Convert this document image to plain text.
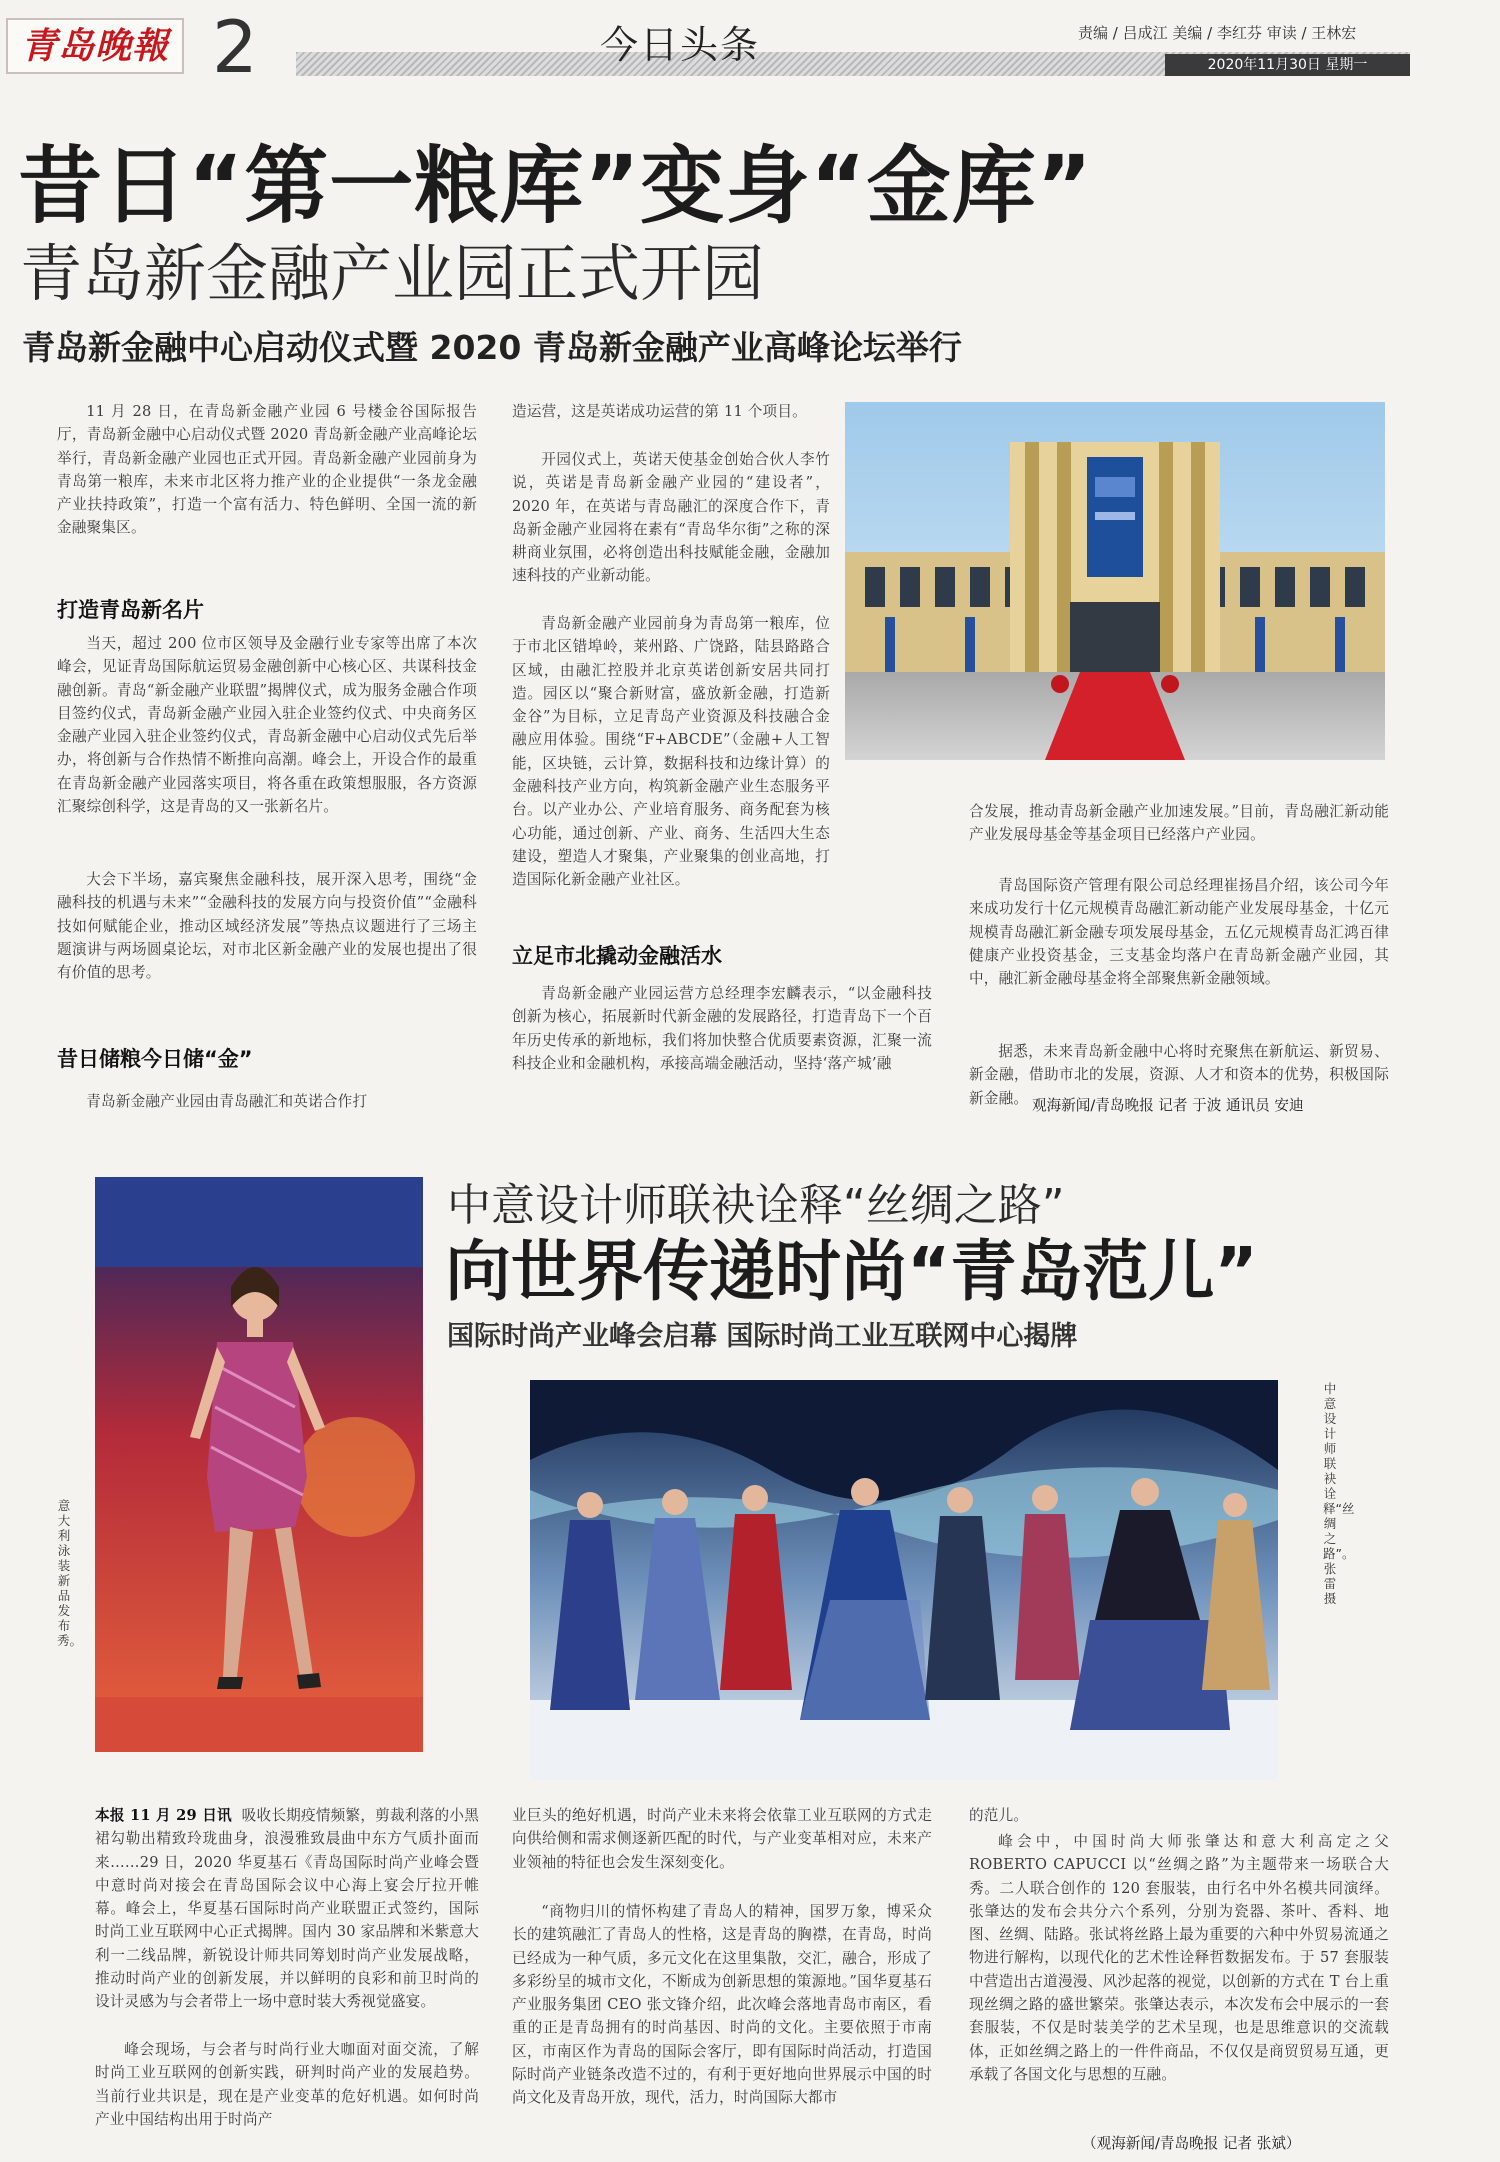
青岛晚報 2	今日头条	责编 / 吕成江 美编 / 李红芬 审读 / 王林宏
2020年11月30日 星期一
昔日“第一粮库”变身“金库”
青岛新金融产业园正式开园
青岛新金融中心启动仪式暨 2020 青岛新金融产业高峰论坛举行
11 月 28 日，在青岛新金融产业园 6 号楼金谷国际报告厅，青岛新金融中心启动仪式暨 2020 青岛新金融产业高峰论坛举行，青岛新金融产业园也正式开园。青岛新金融产业园前身为青岛第一粮库，未来市北区将力推产业的企业提供“一条龙金融产业扶持政策”，打造一个富有活力、特色鲜明、全国一流的新金融聚集区。
打造青岛新名片
当天，超过 200 位市区领导及金融行业专家等出席了本次峰会，见证青岛国际航运贸易金融创新中心核心区、共谋科技金融创新。青岛“新金融产业联盟”揭牌仪式，成为服务金融合作项目签约仪式，青岛新金融产业园入驻企业签约仪式、中央商务区金融产业园入驻企业签约仪式，青岛新金融中心启动仪式先后举办，将创新与合作热情不断推向高潮。峰会上，开设合作的最重在青岛新金融产业园落实项目，将各重在政策想服服，各方资源汇聚综创科学，这是青岛的又一张新名片。
大会下半场，嘉宾聚焦金融科技，展开深入思考，围绕“金融科技的机遇与未来”“金融科技的发展方向与投资价值”“金融科技如何赋能企业，推动区域经济发展”等热点议题进行了三场主题演讲与两场圆桌论坛，对市北区新金融产业的发展也提出了很有价值的思考。
昔日储粮今日储“金”
青岛新金融产业园由青岛融汇和英诺合作打
造运营，这是英诺成功运营的第 11 个项目。
开园仪式上，英诺天使基金创始合伙人李竹说，英诺是青岛新金融产业园的“建设者”，2020 年，在英诺与青岛融汇的深度合作下，青岛新金融产业园将在素有“青岛华尔街”之称的深耕商业氛围，必将创造出科技赋能金融，金融加速科技的产业新动能。
青岛新金融产业园前身为青岛第一粮库，位于市北区错埠岭，莱州路、广饶路，陆县路路合区域，由融汇控股并北京英诺创新安居共同打造。园区以“聚合新财富，盛放新金融，打造新金谷”为目标，立足青岛产业资源及科技融合金融应用体验。围绕“F+ABCDE”（金融+人工智能，区块链，云计算，数据科技和边缘计算）的金融科技产业方向，构筑新金融产业生态服务平台。以产业办公、产业培育服务、商务配套为核心功能，通过创新、产业、商务、生活四大生态建设，塑造人才聚集，产业聚集的创业高地，打造国际化新金融产业社区。
立足市北撬动金融活水
青岛新金融产业园运营方总经理李宏麟表示，“以金融科技创新为核心，拓展新时代新金融的发展路径，打造青岛下一个百年历史传承的新地标，我们将加快整合优质要素资源，汇聚一流科技企业和金融机构，承接高端金融活动，坚持‘落产城’融
合发展，推动青岛新金融产业加速发展。”目前，青岛融汇新动能产业发展母基金等基金项目已经落户产业园。
青岛国际资产管理有限公司总经理崔扬昌介绍，该公司今年来成功发行十亿元规模青岛融汇新动能产业发展母基金，十亿元规模青岛融汇新金融专项发展母基金，五亿元规模青岛汇鸿百律健康产业投资基金，三支基金均落户在青岛新金融产业园，其中，融汇新金融母基金将全部聚焦新金融领域。
据悉，未来青岛新金融中心将时充聚焦在新航运、新贸易、新金融，借助市北的发展，资源、人才和资本的优势，积极国际新金融。 观海新闻/青岛晚报 记者 于波 通讯员 安迪
意大利泳装新品发布秀。
中意设计师联袂诠释“丝绸之路”
向世界传递时尚“青岛范儿”
国际时尚产业峰会启幕 国际时尚工业互联网中心揭牌
中意设计师联袂诠释“丝绸之路”。 张雷 摄
本报 11 月 29 日讯 吸收长期疫情频繁，剪裁利落的小黑裙勾勒出精致玲珑曲身，浪漫雅致晨曲中东方气质扑面而来……29 日，2020 华夏基石《青岛国际时尚产业峰会暨中意时尚对接会在青岛国际会议中心海上宴会厅拉开帷幕。峰会上，华夏基石国际时尚产业联盟正式签约，国际时尚工业互联网中心正式揭牌。国内 30 家品牌和米紫意大利一二线品牌，新锐设计师共同筹划时尚产业发展战略，推动时尚产业的创新发展，并以鲜明的良彩和前卫时尚的设计灵感为与会者带上一场中意时装大秀视觉盛宴。
峰会现场，与会者与时尚行业大咖面对面交流，了解时尚工业互联网的创新实践，研判时尚产业的发展趋势。当前行业共识是，现在是产业变革的危好机遇。如何时尚产业中国结构出用于时尚产
业巨头的绝好机遇，时尚产业未来将会依靠工业互联网的方式走向供给侧和需求侧逐新匹配的时代，与产业变革相对应，未来产业领袖的特征也会发生深刻变化。
“商物归川的情怀构建了青岛人的精神，国罗万象，博采众长的建筑融汇了青岛人的性格，这是青岛的胸襟，在青岛，时尚已经成为一种气质，多元文化在这里集散，交汇，融合，形成了多彩纷呈的城市文化，不断成为创新思想的策源地。”国华夏基石产业服务集团 CEO 张文锋介绍，此次峰会落地青岛市南区，看重的正是青岛拥有的时尚基因、时尚的文化。主要依照于市南区，市南区作为青岛的国际会客厅，即有国际时尚活动，打造国际时尚产业链条改造不过的，有利于更好地向世界展示中国的时尚文化及青岛开放，现代，活力，时尚国际大都市
的范儿。
峰会中，中国时尚大师张肇达和意大利高定之父 ROBERTO CAPUCCI 以“丝绸之路”为主题带来一场联合大秀。二人联合创作的 120 套服装，由行名中外名模共同演绎。张肇达的发布会共分六个系列，分别为瓷器、茶叶、香料、地图、丝绸、陆路。张试将丝路上最为重要的六种中外贸易流通之物进行解构，以现代化的艺术性诠释哲数据发布。于 57 套服装中营造出古道漫漫、风沙起落的视觉，以创新的方式在 T 台上重现丝绸之路的盛世繁荣。张肇达表示，本次发布会中展示的一套套服装，不仅是时装美学的艺术呈现，也是思维意识的交流载体，正如丝绸之路上的一件件商品，不仅仅是商贸贸易互通，更承载了各国文化与思想的互融。
（观海新闻/青岛晚报 记者 张斌）
